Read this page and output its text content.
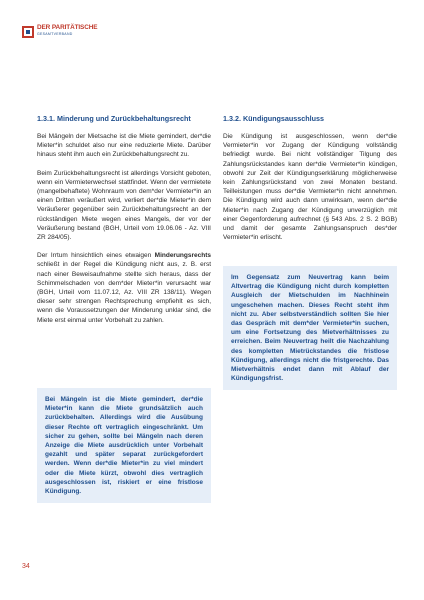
DER PARITÄTISCHE
GESAMTVERBAND
1.3.1. Minderung und Zurückbehaltungsrecht

Bei Mängeln der Mietsache ist die Miete gemindert, der*die Mieter*in schuldet also nur eine reduzierte Miete. Darüber hinaus steht ihm auch ein Zurückbehaltungsrecht zu.

Beim Zurückbehaltungsrecht ist allerdings Vorsicht geboten, wenn ein Vermieterwechsel stattfindet. Wenn der vermietete (mangelbehaftete) Wohnraum von dem*der Vermieter*in an einen Dritten veräußert wird, verliert der*die Mieter*in dem Veräußerer gegenüber sein Zurückbehaltungsrecht an der rückständigen Miete wegen eines Mangels, der vor der Veräußerung bestand (BGH, Urteil vom 19.06.06 - Az. VIII ZR 284/05).

Der Irrtum hinsichtlich eines etwaigen Minderungsrechts schließt in der Regel die Kündigung nicht aus, z. B. erst nach einer Beweisaufnahme stellte sich heraus, dass der Schimmelschaden von dem*der Mieter*in verursacht war (BGH, Urteil vom 11.07.12, Az. VIII ZR 138/11). Wegen dieser sehr strengen Rechtsprechung empfiehlt es sich, wenn die Voraussetzungen der Minderung unklar sind, die Miete erst einmal unter Vorbehalt zu zahlen.

Bei Mängeln ist die Miete gemindert, der*die Mieter*in kann die Miete grundsätzlich auch zurückbehalten. Allerdings wird die Ausübung dieser Rechte oft vertraglich eingeschränkt. Um sicher zu gehen, sollte bei Mängeln nach deren Anzeige die Miete ausdrücklich unter Vorbehalt gezahlt und später separat zurückgefordert werden. Wenn der*die Mieter*in zu viel mindert oder die Miete kürzt, obwohl dies vertraglich ausgeschlossen ist, riskiert er eine fristlose Kündigung.
1.3.2. Kündigungsausschluss

Die Kündigung ist ausgeschlossen, wenn der*die Vermieter*in vor Zugang der Kündigung vollständig befriedigt wurde. Bei nicht vollständiger Tilgung des Zahlungsrückstandes kann der*die Vermieter*in kündigen, obwohl zur Zeit der Kündigungserklärung möglicherweise kein Zahlungsrückstand von zwei Monaten bestand. Teilleistungen muss der*die Vermieter*in nicht annehmen. Die Kündigung wird auch dann unwirksam, wenn der*die Mieter*in nach Zugang der Kündigung unverzüglich mit einer Gegenforderung aufrechnet (§ 543 Abs. 2 S. 2 BGB) und damit der gesamte Zahlungsanspruch des*der Vermieter*in erlischt.

Im Gegensatz zum Neuvertrag kann beim Altvertrag die Kündigung nicht durch kompletten Ausgleich der Mietschulden im Nachhinein ungeschehen machen. Dieses Recht steht ihm nicht zu. Aber selbstverständlich sollten Sie hier das Gespräch mit dem*der Vermieter*in suchen, um eine Fortsetzung des Mietverhältnisses zu erreichen. Beim Neuvertrag heilt die Nachzahlung des kompletten Mietrückstandes die fristlose Kündigung, allerdings nicht die fristgerechte. Das Mietverhältnis endet dann mit Ablauf der Kündigungsfrist.
34
